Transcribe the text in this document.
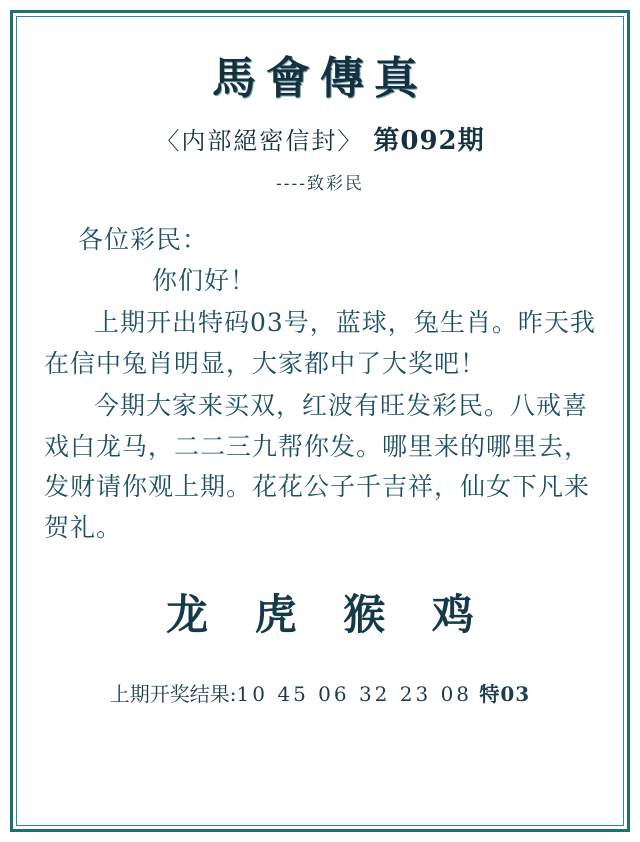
馬會傳真
〈内部絕密信封〉 第092期
----致彩民
各位彩民：
你们好！
上期开出特码03号，蓝球，兔生肖。昨天我在信中兔肖明显，大家都中了大奖吧！
今期大家来买双，红波有旺发彩民。八戒喜戏白龙马，二二三九帮你发。哪里来的哪里去，发财请你观上期。花花公子千吉祥，仙女下凡来贺礼。
龙 虎 猴 鸡
上期开奖结果:10 45 06 32 23 08 特03
